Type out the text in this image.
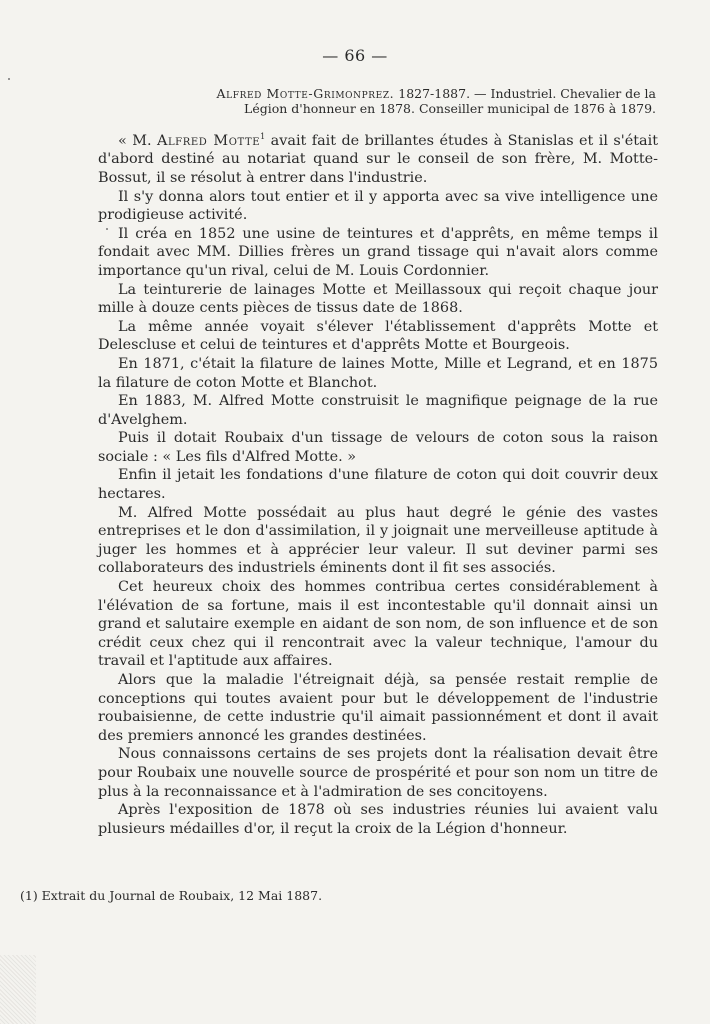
— 66 —
Alfred Motte-Grimonprez. 1827-1887. — Industriel. Chevalier de la Légion d'honneur en 1878. Conseiller municipal de 1876 à 1879.

« M. Alfred Motte$^1$ avait fait de brillantes études à Stanislas et il s'était d'abord destiné au notariat quand sur le conseil de son frère, M. Motte-Bossut, il se résolut à entrer dans l'industrie.

Il s'y donna alors tout entier et il y apporta avec sa vive intelligence une prodigieuse activité.

Il créa en 1852 une usine de teintures et d'apprêts, en même temps il fondait avec MM. Dillies frères un grand tissage qui n'avait alors comme importance qu'un rival, celui de M. Louis Cordonnier.

La teinturerie de lainages Motte et Meillassoux qui reçoit chaque jour mille à douze cents pièces de tissus date de 1868.

La même année voyait s'élever l'établissement d'apprêts Motte et Delescluse et celui de teintures et d'apprêts Motte et Bourgeois.

En 1871, c'était la filature de laines Motte, Mille et Legrand, et en 1875 la filature de coton Motte et Blanchot.

En 1883, M. Alfred Motte construisit le magnifique peignage de la rue d'Avelghem.

Puis il dotait Roubaix d'un tissage de velours de coton sous la raison sociale : « Les fils d'Alfred Motte. »

Enfin il jetait les fondations d'une filature de coton qui doit couvrir deux hectares.

M. Alfred Motte possédait au plus haut degré le génie des vastes entreprises et le don d'assimilation, il y joignait une merveilleuse aptitude à juger les hommes et à apprécier leur valeur. Il sut deviner parmi ses collaborateurs des industriels éminents dont il fit ses associés.

Cet heureux choix des hommes contribua certes considérablement à l'élévation de sa fortune, mais il est incontestable qu'il donnait ainsi un grand et salutaire exemple en aidant de son nom, de son influence et de son crédit ceux chez qui il rencontrait avec la valeur technique, l'amour du travail et l'aptitude aux affaires.

Alors que la maladie l'étreignait déjà, sa pensée restait remplie de conceptions qui toutes avaient pour but le développement de l'industrie roubaisienne, de cette industrie qu'il aimait passionnément et dont il avait des premiers annoncé les grandes destinées.

Nous connaissons certains de ses projets dont la réalisation devait être pour Roubaix une nouvelle source de prospérité et pour son nom un titre de plus à la reconnaissance et à l'admiration de ses concitoyens.

Après l'exposition de 1878 où ses industries réunies lui avaient valu plusieurs médailles d'or, il reçut la croix de la Légion d'honneur.

(1) Extrait du Journal de Roubaix, 12 Mai 1887.
